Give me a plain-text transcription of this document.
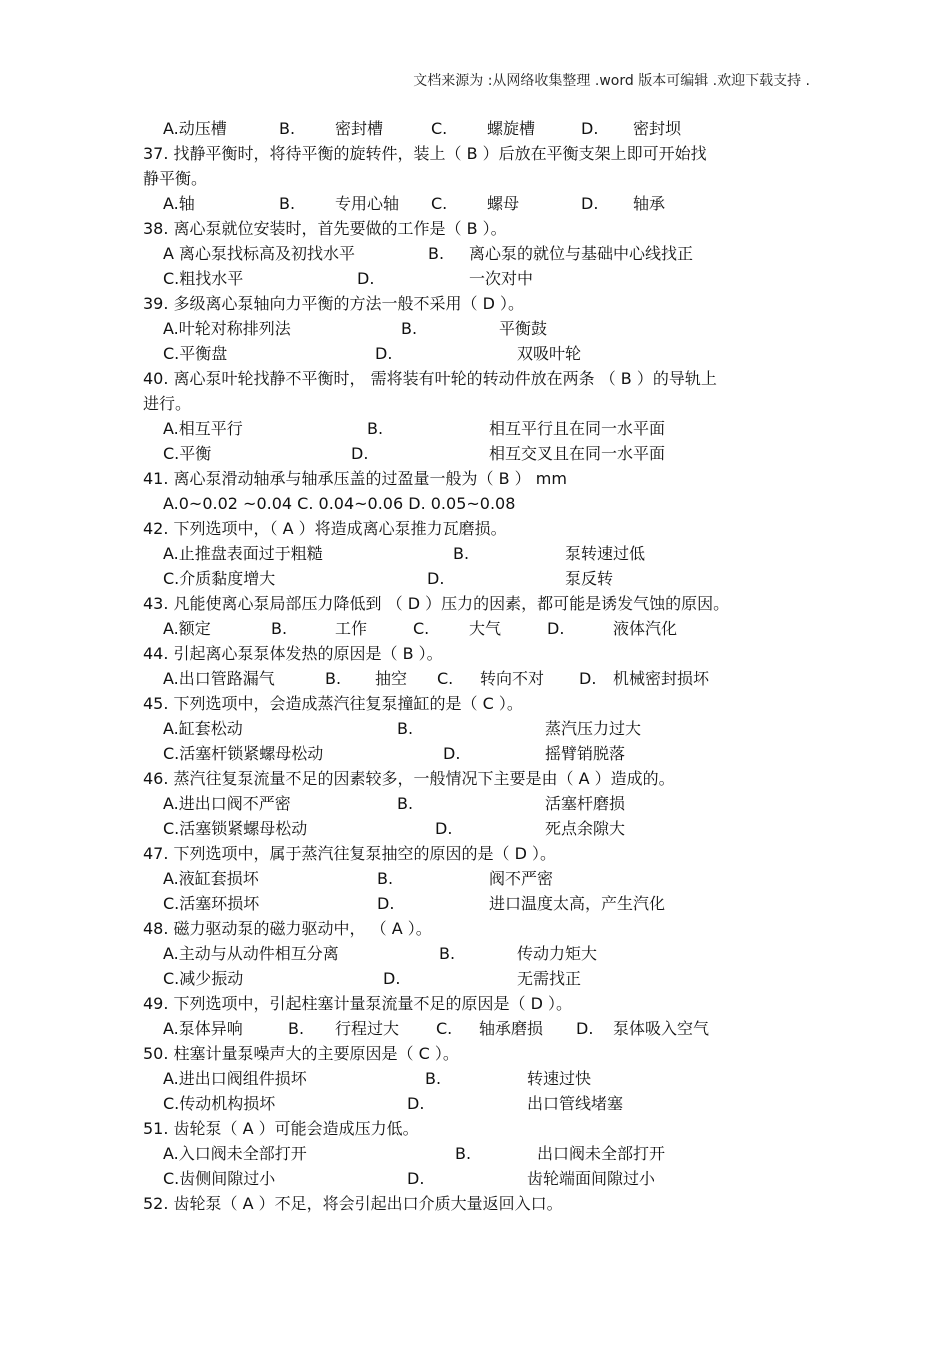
文档来源为 :从网络收集整理 .word 版本可编辑 .欢迎下载支持 .
A.动压槽	B. 密封槽	C. 螺旋槽	D. 密封坝
37. 找静平衡时，将待平衡的旋转件，装上（ B ）后放在平衡支架上即可开始找
静平衡。
A.轴	B. 专用心轴 C. 螺母	D. 轴承
38. 离心泵就位安装时，首先要做的工作是（ B ）。
A 离心泵找标高及初找水平	B. 离心泵的就位与基础中心线找正
C.粗找水平	D.	一次对中
39. 多级离心泵轴向力平衡的方法一般不采用（ D ）。
A.叶轮对称排列法	B.	平衡鼓
C.平衡盘	D.	双吸叶轮
40. 离心泵叶轮找静不平衡时， 需将装有叶轮的转动件放在两条 （ B ）的导轨上
进行。
A.相互平行	B.	相互平行且在同一水平面
C.平衡	D.	相互交叉且在同一水平面
41. 离心泵滑动轴承与轴承压盖的过盈量一般为（ B ） mm
A.0~0.02 ~0.04 C. 0.04~0.06 D. 0.05~0.08
42. 下列选项中，（ A ）将造成离心泵推力瓦磨损。
A.止推盘表面过于粗糙	B.	泵转速过低
C.介质黏度增大	D.	泵反转
43. 凡能使离心泵局部压力降低到 （ D ）压力的因素，都可能是诱发气蚀的原因。
A.额定	B.	工作	C. 大气	D.	液体汽化
44. 引起离心泵泵体发热的原因是（ B ）。
A.出口管路漏气	B. 抽空 C. 转向不对 D. 机械密封损坏
45. 下列选项中，会造成蒸汽往复泵撞缸的是（ C ）。
A.缸套松动	B.	蒸汽压力过大
C.活塞杆锁紧螺母松动	D.	摇臂销脱落
46. 蒸汽往复泵流量不足的因素较多，一般情况下主要是由（ A ）造成的。
A.进出口阀不严密	B.	活塞杆磨损
C.活塞锁紧螺母松动	D.	死点余隙大
47. 下列选项中，属于蒸汽往复泵抽空的原因的是（ D ）。
A.液缸套损坏	B.	阀不严密
C.活塞环损坏	D.	进口温度太高，产生汽化
48. 磁力驱动泵的磁力驱动中， （ A ）。
A.主动与从动件相互分离	B.	传动力矩大
C.减少振动	D.	无需找正
49. 下列选项中，引起柱塞计量泵流量不足的原因是（ D ）。
A.泵体异响	B. 行程过大 C. 轴承磨损 D. 泵体吸入空气
50. 柱塞计量泵噪声大的主要原因是（ C ）。
A.进出口阀组件损坏	B.	转速过快
C.传动机构损坏	D.	出口管线堵塞
51. 齿轮泵（ A ）可能会造成压力低。
A.入口阀未全部打开	B.	出口阀未全部打开
C.齿侧间隙过小	D.	齿轮端面间隙过小
52. 齿轮泵（ A ）不足，将会引起出口介质大量返回入口。
